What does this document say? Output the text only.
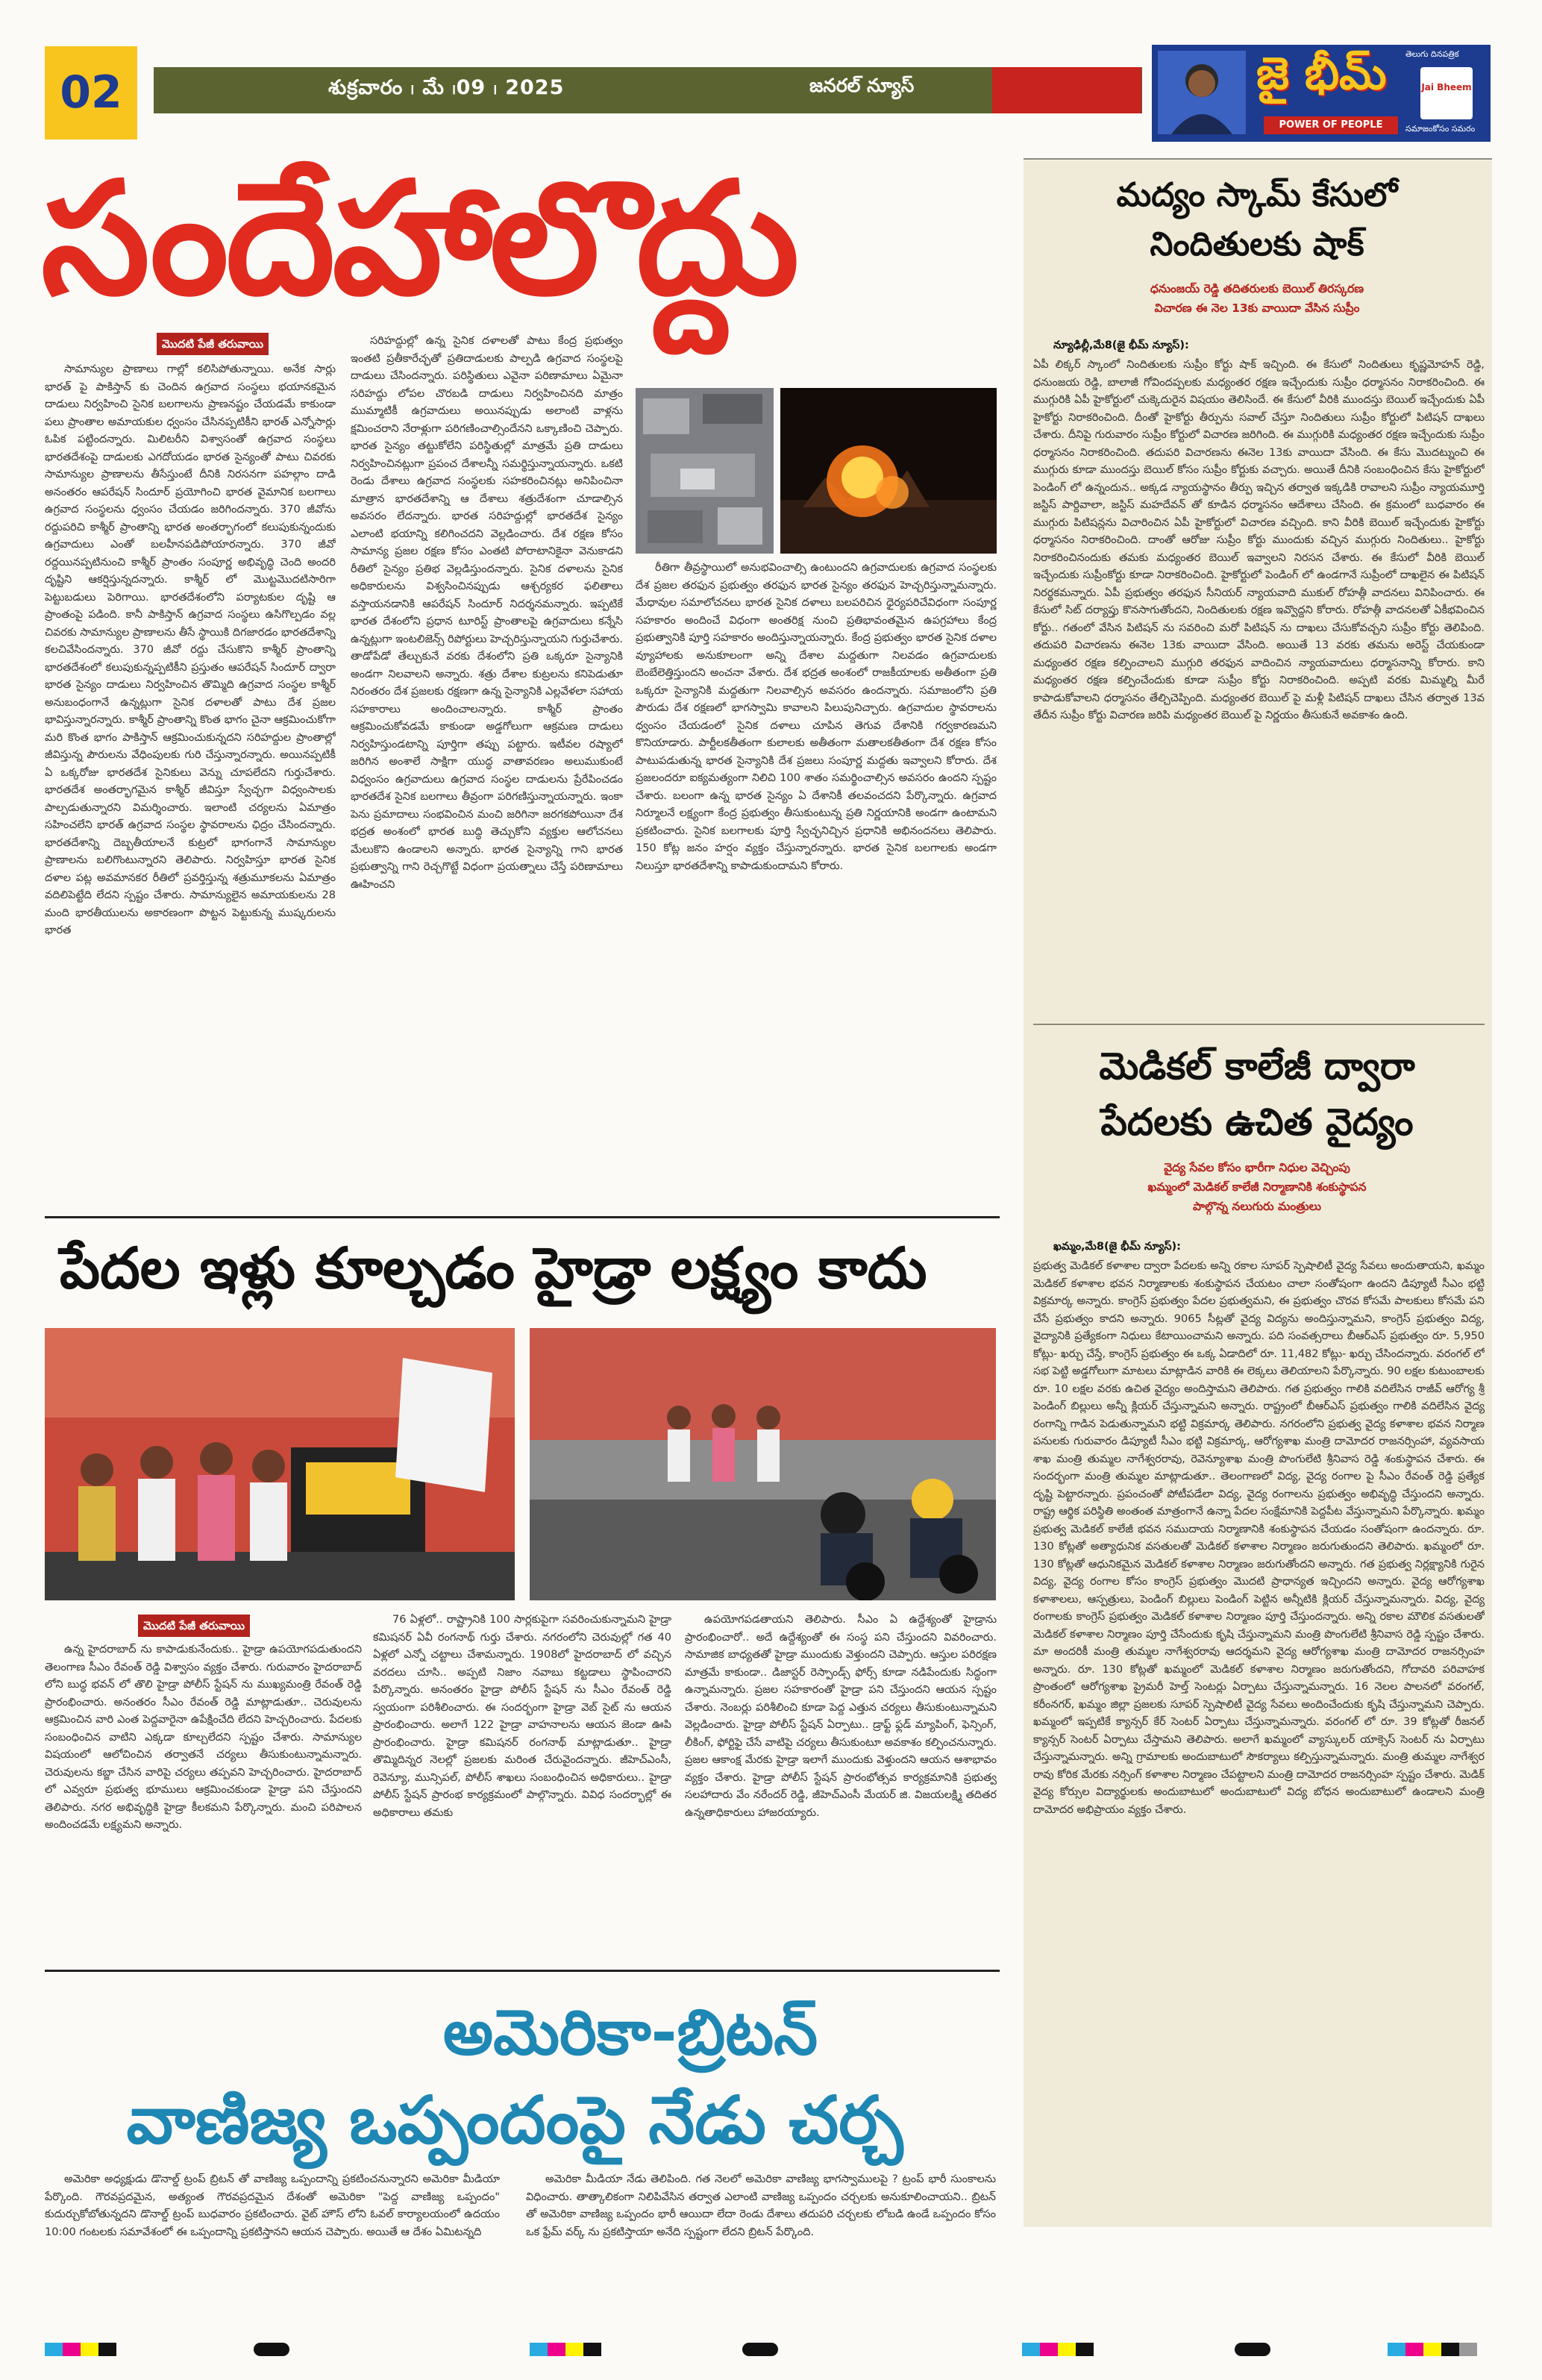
02	శుక్రవారం ၊ మే ၊09 ၊ 2025	జనరల్ న్యూస్	జై భీమ్
POWER OF PEOPLE
తెలుగు దినపత్రిక
Jai Bheem
సమాజంకోసం సమరం
సందేహాలొద్దు
మొదటి పేజీ తరువాయి

సామాన్యుల ప్రాణాలు గాల్లో కలిసిపోతున్నాయి. అనేక సార్లు భారత్ పై పాకిస్తాన్ కు చెందిన ఉగ్రవాద సంస్థలు భయానకమైన దాడులు నిర్వహించి సైనిక బలగాలను ప్రాణనష్టం చేయడమే కాకుండా పలు ప్రాంతాల అమాయకుల ధ్వంసం చేసినప్పటికీని భారత్ ఎన్నోసార్లు ఓపిక పట్టిందన్నారు. మిలిటరీని విశ్వాసంతో ఉగ్రవాద సంస్థలు భారతదేశంపై దాడులకు ఎగదోయడం భారత సైన్యంతో పాటు చివరకు సామాన్యుల ప్రాణాలను తీసేస్తుంటే దీనికి నిరసనగా పహల్గాం దాడి అనంతరం ఆపరేషన్ సిందూర్ ప్రయోగించి భారత వైమానిక బలగాలు ఉగ్రవాద సంస్థలను ధ్వంసం చేయడం జరిగిందన్నారు. 370 జీవోను రద్దుపరిచి కాశ్మీర్ ప్రాంతాన్ని భారత అంతర్భాగంలో కలుపుకున్నందుకు ఉగ్రవాదులు ఎంతో బలహీనపడిపోయారన్నారు. 370 జీవో రద్దయినప్పటినుంచి కాశ్మీర్ ప్రాంతం సంపూర్ణ అభివృద్ధి చెంది అందరి దృష్టిని ఆకర్షిస్తున్నదన్నారు. కాశ్మీర్ లో మొట్టమొదటిసారిగా పెట్టుబడులు పెరిగాయి. భారతదేశంలోని పర్యాటకుల దృష్టి ఆ ప్రాంతంపై పడింది. కానీ పాకిస్తాన్ ఉగ్రవాద సంస్థలు ఉసిగొల్పడం వల్ల చివరకు సామాన్యుల ప్రాణాలను తీసే స్థాయికి దిగజారడం భారతదేశాన్ని కలచివేసిందన్నారు. 370 జీవో రద్దు చేసుకొని కాశ్మీర్ ప్రాంతాన్ని భారతదేశంలో కలుపుకున్నప్పటికీని ప్రస్తుతం ఆపరేషన్ సిందూర్ ద్వారా భారత సైన్యం దాడులు నిర్వహించిన తొమ్మిది ఉగ్రవాద సంస్థల కాశ్మీర్ అనుబంధంగానే ఉన్నట్లుగా సైనిక దళాలతో పాటు దేశ ప్రజల భావిస్తున్నారన్నారు. కాశ్మీర్ ప్రాంతాన్ని కొంత భాగం చైనా ఆక్రమించుకోగా మరి కొంత భాగం పాకిస్తాన్ ఆక్రమించుకున్నదని సరిహద్దుల ప్రాంతాల్లో జీవిస్తున్న పౌరులను వేధింపులకు గురి చేస్తున్నారన్నారు. అయినప్పటికీ ఏ ఒక్కరోజు భారతదేశ సైనికులు వెన్ను చూపలేదని గుర్తుచేశారు. భారతదేశ అంతర్భాగమైన కాశ్మీర్ జీవిస్తూ స్వేచ్ఛగా విధ్వంసాలకు పాల్పడుతున్నారని విమర్శించారు. ఇలాంటి చర్యలను ఏమాత్రం సహించలేని భారత్ ఉగ్రవాద సంస్థల స్థావరాలను ఛిద్రం చేసిందన్నారు. భారతదేశాన్ని దెబ్బతీయాలనే కుట్రలో భాగంగానే సామాన్యుల ప్రాణాలను బలిగొంటున్నారని తెలిపారు. నిర్వహిస్తూ భారత సైనిక దళాల పట్ల అవమానకర రీతిలో ప్రవర్తిస్తున్న శత్రుమూకలను ఏమాత్రం వదిలిపెట్టేది లేదని స్పష్టం చేశారు. సామాన్యులైన అమాయకులను 28 మంది భారతీయులను అకారణంగా పొట్టన పెట్టుకున్న ముష్కరులను భారత

సరిహద్దుల్లో ఉన్న సైనిక దళాలతో పాటు కేంద్ర ప్రభుత్వం ఇంతటి ప్రతీకారేచ్ఛతో ప్రతిదాడులకు పాల్పడి ఉగ్రవాద సంస్థలపై దాడులు చేసిందన్నారు. పరిస్థితులు ఎవైనా పరిణామాలు ఏమైనా సరిహద్దు లోపల చొరబడి దాడులు నిర్వహించినది మాత్రం ముమ్మాటికీ ఉగ్రవాదులు అయినప్పుడు అలాంటి వాళ్లను క్షమించరాని నేరాళ్లుగా పరిగణించాల్సిందేనని ఒక్కాణించి చెప్పారు. భారత సైన్యం తట్టుకోలేని పరిస్థితుల్లో మాత్రమే ప్రతి దాడులు నిర్వహించినట్లుగా ప్రపంచ దేశాలన్నీ సమర్థిస్తున్నాయన్నారు. ఒకటి రెండు దేశాలు ఉగ్రవాద సంస్థలకు సహకరించినట్లు అనిపించినా మాత్రాన భారతదేశాన్ని ఆ దేశాలు శత్రుదేశంగా చూడాల్సిన అవసరం లేదన్నారు. భారత సరిహద్దుల్లో భారతదేశ సైన్యం ఎలాంటి భయాన్ని కలిగించదని వెల్లడించారు. దేశ రక్షణ కోసం సామాన్య ప్రజల రక్షణ కోసం ఎంతటి పోరాటానికైనా వెనుకాడని రీతిలో సైన్యం ప్రతిభ వెల్లడిస్తుందన్నారు. సైనిక దళాలను సైనిక అధికారులను విశ్వసించినప్పుడు ఆశ్చర్యకర ఫలితాలు వస్తాయనడానికి ఆపరేషన్ సిందూర్ నిదర్శనమన్నారు. ఇప్పటికే భారత దేశంలోని ప్రధాన టూరిస్ట్ ప్రాంతాలపై ఉగ్రవాదులు కన్నేసి ఉన్నట్లుగా ఇంటలిజెన్స్ రిపోర్టులు హెచ్చరిస్తున్నాయని గుర్తుచేశారు. తాడోపేడో తేల్చుకునే వరకు దేశంలోని ప్రతి ఒక్కరూ సైన్యానికి అండగా నిలవాలని అన్నారు. శత్రు దేశాల కుట్రలను కనిపెడుతూ నిరంతరం దేశ ప్రజలకు రక్షణగా ఉన్న సైన్యానికి ఎల్లవేళలా సహాయ సహకారాలు అందించాలన్నారు. కాశ్మీర్ ప్రాంతం ఆక్రమించుకోవడమే కాకుండా అడ్డగోలుగా ఆక్రమణ దాడులు నిర్వహిస్తుండటాన్ని పూర్తిగా తప్పు పట్టారు. ఇటీవల రష్యాలో జరిగిన అంశాలే సాక్షిగా యుద్ధ వాతావరణం అలుముకుంటే విధ్వంసం ఉగ్రవాదులు ఉగ్రవాద సంస్థల దాడులను ప్రేరేపించడం భారతదేశ సైనిక బలగాలు తీవ్రంగా పరిగణిస్తున్నాయన్నారు. ఇంకా పెను ప్రమాదాలు సంభవించిన మంచి జరిగినా జరగకపోయినా దేశ భద్రత అంశంలో భారత బుద్ధి తెచ్చుకోని వ్యక్తుల ఆలోచనలు మేలుకొని ఉండాలని అన్నారు. భారత సైన్యాన్ని గాని భారత ప్రభుత్వాన్ని గాని రెచ్చగొట్టే విధంగా ప్రయత్నాలు చేస్తే పరిణామాలు ఊహించని

రీతిగా తీవ్రస్థాయిలో అనుభవించాల్సి ఉంటుందని ఉగ్రవాదులకు ఉగ్రవాద సంస్థలకు దేశ ప్రజల తరఫున ప్రభుత్వం తరఫున భారత సైన్యం తరఫున హెచ్చరిస్తున్నామన్నారు. మేధావుల సమాలోచనలు భారత సైనిక దళాలు బలపరిచిన ధైర్యపరిచేవిధంగా సంపూర్ణ సహకారం అందించే విధంగా అంతరిక్ష నుంచి ప్రతిభావంతమైన ఉపగ్రహాలు కేంద్ర ప్రభుత్వానికి పూర్తి సహకారం అందిస్తున్నాయన్నారు. కేంద్ర ప్రభుత్వం భారత సైనిక దళాల వ్యూహాలకు అనుకూలంగా అన్ని దేశాల మద్దతుగా నిలవడం ఉగ్రవాదులకు బెంబేలెత్తిస్తుందని అంచనా వేశారు. దేశ భద్రత అంశంలో రాజకీయాలకు అతీతంగా ప్రతి ఒక్కరూ సైన్యానికి మద్దతుగా నిలవాల్సిన అవసరం ఉందన్నారు. సమాజంలోని ప్రతి పౌరుడు దేశ రక్షణలో భాగస్వామి కావాలని పిలుపునిచ్చారు. ఉగ్రవాదుల స్థావరాలను ధ్వంసం చేయడంలో సైనిక దళాలు చూపిన తెగువ దేశానికి గర్వకారణమని కొనియాడారు. పార్టీలకతీతంగా కులాలకు అతీతంగా మతాలకతీతంగా దేశ రక్షణ కోసం పాటుపడుతున్న భారత సైన్యానికి దేశ ప్రజలు సంపూర్ణ మద్దతు ఇవ్వాలని కోరారు. దేశ ప్రజలందరూ ఐక్యమత్యంగా నిలిచి 100 శాతం సమర్థించాల్సిన అవసరం ఉందని స్పష్టం చేశారు. బలంగా ఉన్న భారత సైన్యం ఏ దేశానికీ తలవంచదని పేర్కొన్నారు. ఉగ్రవాద నిర్మూలనే లక్ష్యంగా కేంద్ర ప్రభుత్వం తీసుకుంటున్న ప్రతి నిర్ణయానికి అండగా ఉంటామని ప్రకటించారు. సైనిక బలగాలకు పూర్తి స్వేచ్ఛనిచ్చిన ప్రధానికి అభినందనలు తెలిపారు. 150 కోట్ల జనం హర్షం వ్యక్తం చేస్తున్నారన్నారు. భారత సైనిక బలగాలకు అండగా నిలుస్తూ భారతదేశాన్ని కాపాడుకుందామని కోరారు.

పేదల ఇళ్లు కూల్చడం హైడ్రా లక్ష్యం కాదు
మొదటి పేజీ తరువాయి

ఉన్న హైదరాబాద్ ను కాపాడుకునేందుకు.. హైడ్రా ఉపయోగపడుతుందని తెలంగాణ సీఎం రేవంత్ రెడ్డి విశ్వాసం వ్యక్తం చేశారు. గురువారం హైదరాబాద్ లోని బుద్ధ భవన్ లో తొలి హైడ్రా పోలీస్ స్టేషన్ ను ముఖ్యమంత్రి రేవంత్ రెడ్డి ప్రారంభించారు. అనంతరం సీఎం రేవంత్ రెడ్డి మాట్లాడుతూ.. చెరువులను ఆక్రమించిన వారి ఎంత పెద్దవారైనా ఉపేక్షించేది లేదని హెచ్చరించారు. పేదలకు సంబంధించిన వాటిని ఎక్కడా కూల్చలేదని స్పష్టం చేశారు. సామాన్యుల విషయంలో ఆలోచించిన తర్వాతనే చర్యలు తీసుకుంటున్నామన్నారు. చెరువులను కబ్జా చేసిన వారిపై చర్యలు తప్పవని హెచ్చరించారు. హైదరాబాద్ లో ఎవ్వరూ ప్రభుత్వ భూములు ఆక్రమించకుండా హైడ్రా పని చేస్తుందని తెలిపారు. నగర అభివృద్ధికి హైడ్రా కీలకమని పేర్కొన్నారు. మంచి పరిపాలన అందించడమే లక్ష్యమని అన్నారు.

76 ఏళ్లలో.. రాష్ట్రానికి 100 సార్లకుపైగా సవరించుకున్నామని హైడ్రా కమిషనర్ ఏవీ రంగనాథ్ గుర్తు చేశారు. నగరంలోని చెరువుల్లో గత 40 ఏళ్లలో ఎన్నో చట్టాలు చేశామన్నారు. 1908లో హైదరాబాద్ లో వచ్చిన వరదలు చూసి.. అప్పటి నిజాం నవాబు కట్టడాలు స్థాపించారని పేర్కొన్నారు. అనంతరం హైడ్రా పోలీస్ స్టేషన్ ను సీఎం రేవంత్ రెడ్డి స్వయంగా పరిశీలించారు. ఈ సందర్భంగా హైడ్రా వెబ్ సైట్ ను ఆయన ప్రారంభించారు. అలాగే 122 హైడ్రా వాహనాలను ఆయన జెండా ఊపి ప్రారంభించారు. హైడ్రా కమిషనర్ రంగనాథ్ మాట్లాడుతూ.. హైడ్రా తొమ్మిదిన్నర నెలల్లో ప్రజలకు మరింత చేరువైందన్నారు. జీహెచ్ఎంసీ, రెవెన్యూ, మున్సిపల్, పోలీస్ శాఖలు సంబంధించిన అధికారులు.. హైడ్రా పోలీస్ స్టేషన్ ప్రారంభ కార్యక్రమంలో పాల్గొన్నారు. వివిధ సందర్భాల్లో ఈ అధికారాలు తమకు

ఉపయోగపడతాయని తెలిపారు. సీఎం ఏ ఉద్దేశ్యంతో హైడ్రాను ప్రారంభించారో.. అదే ఉద్దేశ్యంతో ఈ సంస్థ పని చేస్తుందని వివరించారు. సామాజిక బాధ్యతతో హైడ్రా ముందుకు వెళ్తుందని చెప్పారు. ఆస్తుల పరిరక్షణ మాత్రమే కాకుండా.. డిజాస్టర్ రెస్పాండ్స్ ఫోర్స్ కూడా నడిపేందుకు సిద్ధంగా ఉన్నామన్నారు. ప్రజల సహకారంతో హైడ్రా పని చేస్తుందని ఆయన స్పష్టం చేశారు. నెంబర్లు పరిశీలించి కూడా పెద్ద ఎత్తున చర్యలు తీసుకుంటున్నామని వెల్లడించారు. హైడ్రా పోలీస్ స్టేషన్ ఏర్పాటు.. డ్రాఫ్ట్ ఫ్లడ్ మ్యాపింగ్, ఫెన్సింగ్, లీకింగ్, ఫోర్టిఫై చేసే వాటిపై చర్యలు తీసుకుంటూ అవకాశం కల్పించనున్నారు. ప్రజల ఆకాంక్ష మేరకు హైడ్రా ఇలాగే ముందుకు వెళ్తుందని ఆయన ఆశాభావం వ్యక్తం చేశారు. హైడ్రా పోలీస్ స్టేషన్ ప్రారంభోత్సవ కార్యక్రమానికి ప్రభుత్వ సలహాదారు వేం నరేందర్ రెడ్డి, జీహెచ్ఎంసీ మేయర్ జి. విజయలక్ష్మి తదితర ఉన్నతాధికారులు హాజరయ్యారు.

అమెరికా-బ్రిటన్
వాణిజ్య ఒప్పందంపై నేడు చర్చ

అమెరికా అధ్యక్షుడు డొనాల్డ్ ట్రంప్ బ్రిటన్ తో వాణిజ్య ఒప్పందాన్ని ప్రకటించనున్నారని అమెరికా మీడియా పేర్కొంది. గౌరవప్రదమైన, అత్యంత గౌరవప్రదమైన దేశంతో అమెరికా "పెద్ద వాణిజ్య ఒప్పందం" కుదుర్చుకోబోతున్నదని డొనాల్డ్ ట్రంప్ బుధవారం ప్రకటించారు. వైట్ హౌస్ లోని ఓవల్ కార్యాలయంలో ఉదయం 10:00 గంటలకు సమావేశంలో ఈ ఒప్పందాన్ని ప్రకటిస్తానని ఆయన చెప్పారు. అయితే ఆ దేశం ఏమిటన్నది

అమెరికా మీడియా నేడు తెలిపింది. గత నెలలో అమెరికా వాణిజ్య భాగస్వాములపై ? ట్రంప్ భారీ సుంకాలను విధించారు. తాత్కాలికంగా నిలిపివేసిన తర్వాత ఎలాంటి వాణిజ్య ఒప్పందం చర్చలకు అనుకూలించాయని.. బ్రిటన్ తో అమెరికా వాణిజ్య ఒప్పందం భారీ ఆయిదా లేదా రెండు దేశాలు తదుపరి చర్చలకు లోబడి ఉండే ఒప్పందం కోసం ఒక ఫ్రేమ్ వర్క్ ను ప్రకటిస్తాయా అనేది స్పష్టంగా లేదని బ్రిటన్ పేర్కొంది.

మద్యం స్కామ్ కేసులో
నిందితులకు షాక్
ధనుంజయ్ రెడ్డి తదితరులకు బెయిల్ తిరస్కరణ
విచారణ ఈ నెల 13కు వాయిదా వేసిన సుప్రీం
న్యూఢిల్లీ,మే8(జై భీమ్ న్యూస్):

ఏపీ లిక్కర్ స్కాంలో నిందితులకు సుప్రీం కోర్టు షాక్ ఇచ్చింది. ఈ కేసులో నిందితులు కృష్ణమోహన్ రెడ్డి, ధనుంజయ రెడ్డి, బాలాజీ గోవిందప్పలకు మధ్యంతర రక్షణ ఇచ్చేందుకు సుప్రీం ధర్మాసనం నిరాకరించింది. ఈ ముగ్గురికి ఏపీ హైకోర్టులో చుక్కెదురైన విషయం తెలిసిందే. ఈ కేసులో వీరికి ముందస్తు బెయిల్ ఇచ్చేందుకు ఏపీ హైకోర్టు నిరాకరించింది. దీంతో హైకోర్టు తీర్పును సవాల్ చేస్తూ నిందితులు సుప్రీం కోర్టులో పిటిషన్ దాఖలు చేశారు. దీనిపై గురువారం సుప్రీం కోర్టులో విచారణ జరిగింది. ఈ ముగ్గురికి మధ్యంతర రక్షణ ఇచ్చేందుకు సుప్రీం ధర్మాసనం నిరాకరించింది. తదుపరి విచారణను ఈనెల 13కు వాయిదా వేసింది. ఈ కేసు మొదట్నుంచి ఈ ముగ్గురు కూడా ముందస్తు బెయిల్ కోసం సుప్రీం కోర్టుకు వచ్చారు. అయితే దీనికి సంబంధించిన కేసు హైకోర్టులో పెండింగ్ లో ఉన్నందున.. అక్కడ న్యాయస్థానం తీర్పు ఇచ్చిన తర్వాత ఇక్కడికి రావాలని సుప్రీం న్యాయమూర్తి జస్టిస్ పార్దివాలా, జస్టిస్ మహదేవన్ తో కూడిన ధర్మాసనం ఆదేశాలు చేసింది. ఈ క్రమంలో బుధవారం ఈ ముగ్గురు పిటిషన్లను విచారించిన ఏపీ హైకోర్టులో విచారణ వచ్చింది. కాని వీరికి బెయిల్ ఇచ్చేందుకు హైకోర్టు ధర్మాసనం నిరాకరించింది. దాంతో ఆరోజు సుప్రీం కోర్టు ముందుకు వచ్చిన ముగ్గురు నిందితులు.. హైకోర్టు నిరాకరించినందుకు తమకు మధ్యంతర బెయిల్ ఇవ్వాలని నిరసన చేశారు. ఈ కేసులో వీరికి బెయిల్ ఇచ్చేందుకు సుప్రీంకోర్టు కూడా నిరాకరించింది. హైకోర్టులో పెండింగ్ లో ఉండగానే సుప్రీంలో దాఖలైన ఈ పిటిషన్ నిరర్థకమన్నారు. ఏపీ ప్రభుత్వం తరఫున సీనియర్ న్యాయవాది ముకుల్ రోహత్గీ వాదనలు వినిపించారు. ఈ కేసులో సిట్ దర్యాప్తు కొనసాగుతోందని, నిందితులకు రక్షణ ఇవ్వొద్దని కోరారు. రోహత్గీ వాదనలతో ఏకీభవించిన కోర్టు.. గతంలో వేసిన పిటిషన్ ను సవరించి మరో పిటిషన్ ను దాఖలు చేసుకోవచ్చని సుప్రీం కోర్టు తెలిపింది. తదుపరి విచారణను ఈనెల 13కు వాయిదా వేసింది. అయితే 13 వరకు తమను అరెస్ట్ చేయకుండా మధ్యంతర రక్షణ కల్పించాలని ముగ్గురి తరఫున వాదించిన న్యాయవాదులు ధర్మాసనాన్ని కోరారు. కాని మధ్యంతర రక్షణ కల్పించేందుకు కూడా సుప్రీం కోర్టు నిరాకరించింది. అప్పటి వరకు మిమ్మల్ని మీరే కాపాడుకోవాలని ధర్మాసనం తేల్చిచెప్పింది. మధ్యంతర బెయిల్ పై మళ్లీ పిటిషన్ దాఖలు చేసిన తర్వాత 13వ తేదీన సుప్రీం కోర్టు విచారణ జరిపి మధ్యంతర బెయిల్ పై నిర్ణయం తీసుకునే అవకాశం ఉంది.

మెడికల్ కాలేజీ ద్వారా
పేదలకు ఉచిత వైద్యం
వైద్య సేవల కోసం భారీగా నిధుల వెచ్చింపు
ఖమ్మంలో మెడికల్ కాలేజీ నిర్మాణానికి శంకుస్థాపన
పాల్గొన్న నలుగురు మంత్రులు
ఖమ్మం,మే8(జై భీమ్ న్యూస్):

ప్రభుత్వ మెడికల్ కళాశాల ద్వారా పేదలకు అన్ని రకాల సూపర్ స్పెషాలిటీ వైద్య సేవలు అందుతాయని, ఖమ్మం మెడికల్ కళాశాల భవన నిర్మాణాలకు శంకుస్థాపన చేయటం చాలా సంతోషంగా ఉందని డిప్యూటీ సీఎం భట్టి విక్రమార్క అన్నారు. కాంగ్రెస్ ప్రభుత్వం పేదల ప్రభుత్వమని, ఈ ప్రభుత్వం చొరవ కోసమే పాలకులు కోసమే పని చేసే ప్రభుత్వం కాదని అన్నారు. 9065 సీట్లతో వైద్య విద్యను అందిస్తున్నామని, కాంగ్రెస్ ప్రభుత్వం విద్య, వైద్యానికి ప్రత్యేకంగా నిధులు కేటాయించామని అన్నారు. పది సంవత్సరాలు బీఆర్ఎస్ ప్రభుత్వం రూ. 5,950 కోట్లు- ఖర్చు చేస్తే, కాంగ్రెస్ ప్రభుత్వం ఈ ఒక్క ఏడాదిలో రూ. 11,482 కోట్లు- ఖర్చు చేసిందన్నారు. వరంగల్ లో సభ పెట్టి అడ్డగోలుగా మాటలు మాట్లాడిన వారికి ఈ లెక్కలు తెలియాలని పేర్కొన్నారు. 90 లక్షల కుటుంబాలకు రూ. 10 లక్షల వరకు ఉచిత వైద్యం అందిస్తామని తెలిపారు. గత ప్రభుత్వం గాలికి వదిలేసిన రాజీవ్ ఆరోగ్య శ్రీ పెండింగ్ బిల్లులు అన్నీ క్లియర్ చేస్తున్నామని అన్నారు. రాష్ట్రంలో బీఆర్ఎస్ ప్రభుత్వం గాలికి వదిలేసిన వైద్య రంగాన్ని గాడిన పెడుతున్నామని భట్టి విక్రమార్క తెలిపారు. నగరంలోని ప్రభుత్వ వైద్య కళాశాల భవన నిర్మాణ పనులకు గురువారం డిప్యూటీ సీఎం భట్టి విక్రమార్క, ఆరోగ్యశాఖ మంత్రి దామోదర రాజనర్సింహా, వ్యవసాయ శాఖ మంత్రి తుమ్మల నాగేశ్వరరావు, రెవెన్యూశాఖ మంత్రి పొంగులేటి శ్రీనివాస రెడ్డి శంకుస్థాపన చేశారు. ఈ సందర్భంగా మంత్రి తుమ్మల మాట్లాడుతూ.. తెలంగాణలో విద్య, వైద్య రంగాల పై సీఎం రేవంత్ రెడ్డి ప్రత్యేక దృష్టి పెట్టారన్నారు. ప్రపంచంతో పోటీపడేలా విద్య, వైద్య రంగాలను ప్రభుత్వం అభివృద్ధి చేస్తుందని అన్నారు. రాష్ట్ర ఆర్థిక పరిస్థితి అంతంత మాత్రంగానే ఉన్నా పేదల సంక్షేమానికి పెద్దపీట వేస్తున్నామని పేర్కొన్నారు. ఖమ్మం ప్రభుత్వ మెడికల్ కాలేజీ భవన సముదాయ నిర్మాణానికి శంకుస్థాపన చేయడం సంతోషంగా ఉందన్నారు. రూ. 130 కోట్లతో అత్యాధునిక వసతులతో మెడికల్ కళాశాల నిర్మాణం జరుగుతుందని తెలిపారు. ఖమ్మంలో రూ. 130 కోట్లతో ఆధునికమైన మెడికల్ కళాశాల నిర్మాణం జరుగుతోందని అన్నారు. గత ప్రభుత్వ నిర్లక్ష్యానికి గురైన విద్య, వైద్య రంగాల కోసం కాంగ్రెస్ ప్రభుత్వం మొదటి ప్రాధాన్యత ఇచ్చిందని అన్నారు. వైద్య ఆరోగ్యశాఖ కళాశాలలు, ఆస్పత్రులు, పెండింగ్ బిల్లులు పెండింగ్ పెట్టిన అన్నీటికి క్లియర్ చేస్తున్నామన్నారు. విద్య, వైద్య రంగాలకు కాంగ్రెస్ ప్రభుత్వం మెడికల్ కళాశాల నిర్మాణం పూర్తి చేస్తుందన్నారు. అన్ని రకాల మౌలిక వసతులతో మెడికల్ కళాశాల నిర్మాణం పూర్తి చేసేందుకు కృషి చేస్తున్నామని మంత్రి పొంగులేటి శ్రీనివాస రెడ్డి స్పష్టం చేశారు. మా అందరికీ మంత్రి తుమ్మల నాగేశ్వరరావు ఆదర్శమని వైద్య ఆరోగ్యశాఖ మంత్రి దామోదర రాజనర్సింహ అన్నారు. రూ. 130 కోట్లతో ఖమ్మంలో మెడికల్ కళాశాల నిర్మాణం జరుగుతోందని, గోదావరి పరివాహక ప్రాంతంలో ఆరోగ్యశాఖ ప్రైమరీ హెల్త్ సెంటర్లు ఏర్పాటు చేస్తున్నామన్నారు. 16 నెలల పాలనలో వరంగల్, కరీంనగర్, ఖమ్మం జిల్లా ప్రజలకు సూపర్ స్పెషాలిటీ వైద్య సేవలు అందించేందుకు కృషి చేస్తున్నామని చెప్పారు. ఖమ్మంలో ఇప్పటికే క్యాన్సర్ కేర్ సెంటర్ ఏర్పాటు చేస్తున్నామన్నారు. వరంగల్ లో రూ. 39 కోట్లతో రీజనల్ క్యాన్సర్ సెంటర్ ఏర్పాటు చేస్తామని తెలిపారు. అలాగే ఖమ్మంలో వ్యాస్కులర్ యాక్సెస్ సెంటర్ ను ఏర్పాటు చేస్తున్నామన్నారు. అన్ని గ్రామాలకు అందుబాటులో సౌకర్యాలు కల్పిస్తున్నామన్నారు. మంత్రి తుమ్మల నాగేశ్వర రావు కోరిక మేరకు నర్సింగ్ కళాశాల నిర్మాణం చేపట్టాలని మంత్రి దామోదర రాజనర్సింహ స్పష్టం చేశారు. మెడిక్ వైద్య కోర్సుల విద్యార్థులకు అందుబాటులో అందుబాటులో విద్య బోధన అందుబాటులో ఉండాలని మంత్రి దామోదర అభిప్రాయం వ్యక్తం చేశారు.
